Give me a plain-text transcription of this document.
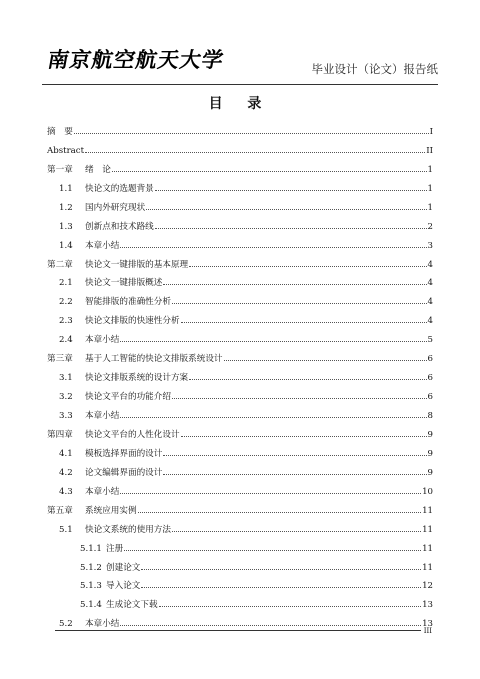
南京航空航天大学	毕业设计（论文）报告纸
目 录
摘　要	I
Abstract	II
第一章	绪　论	1
1.1	快论文的选题背景	1
1.2	国内外研究现状	1
1.3	创新点和技术路线	2
1.4	本章小结	3
第二章	快论文一键排版的基本原理	4
2.1	快论文一键排版概述	4
2.2	智能排版的准确性分析	4
2.3	快论文排版的快速性分析	4
2.4	本章小结	5
第三章	基于人工智能的快论文排版系统设计	6
3.1	快论文排版系统的设计方案	6
3.2	快论文平台的功能介绍	6
3.3	本章小结	8
第四章	快论文平台的人性化设计	9
4.1	模板选择界面的设计	9
4.2	论文编辑界面的设计	9
4.3	本章小结	10
第五章	系统应用实例	11
5.1	快论文系统的使用方法	11
5.1.1 注册	11
5.1.2 创建论文	11
5.1.3 导入论文	12
5.1.4 生成论文下载	13
5.2	本章小结	13
III
